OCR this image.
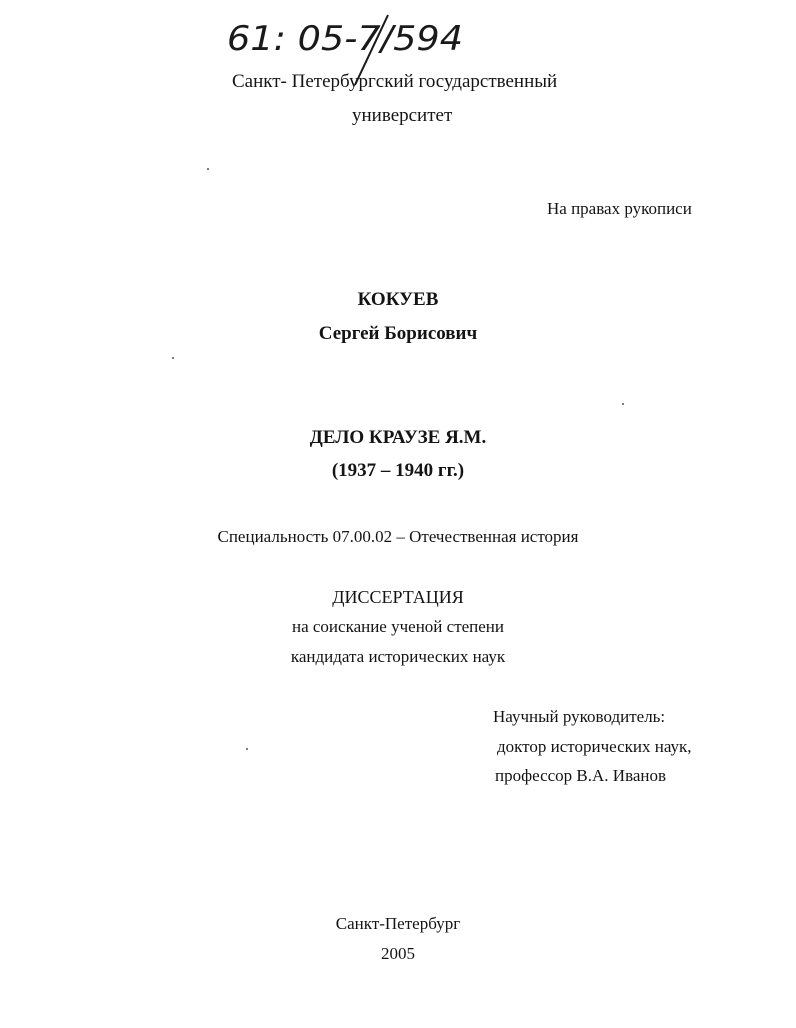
61: 05-7/594
Санкт- Петербургский государственный
университет
На правах рукописи
КОКУЕВ
Сергей Борисович
ДЕЛО КРАУЗЕ Я.М.
(1937 – 1940 гг.)
Специальность 07.00.02 – Отечественная история
ДИССЕРТАЦИЯ
на соискание ученой степени
кандидата исторических наук
Научный руководитель:
доктор исторических наук,
профессор В.А. Иванов
Санкт-Петербург
2005
